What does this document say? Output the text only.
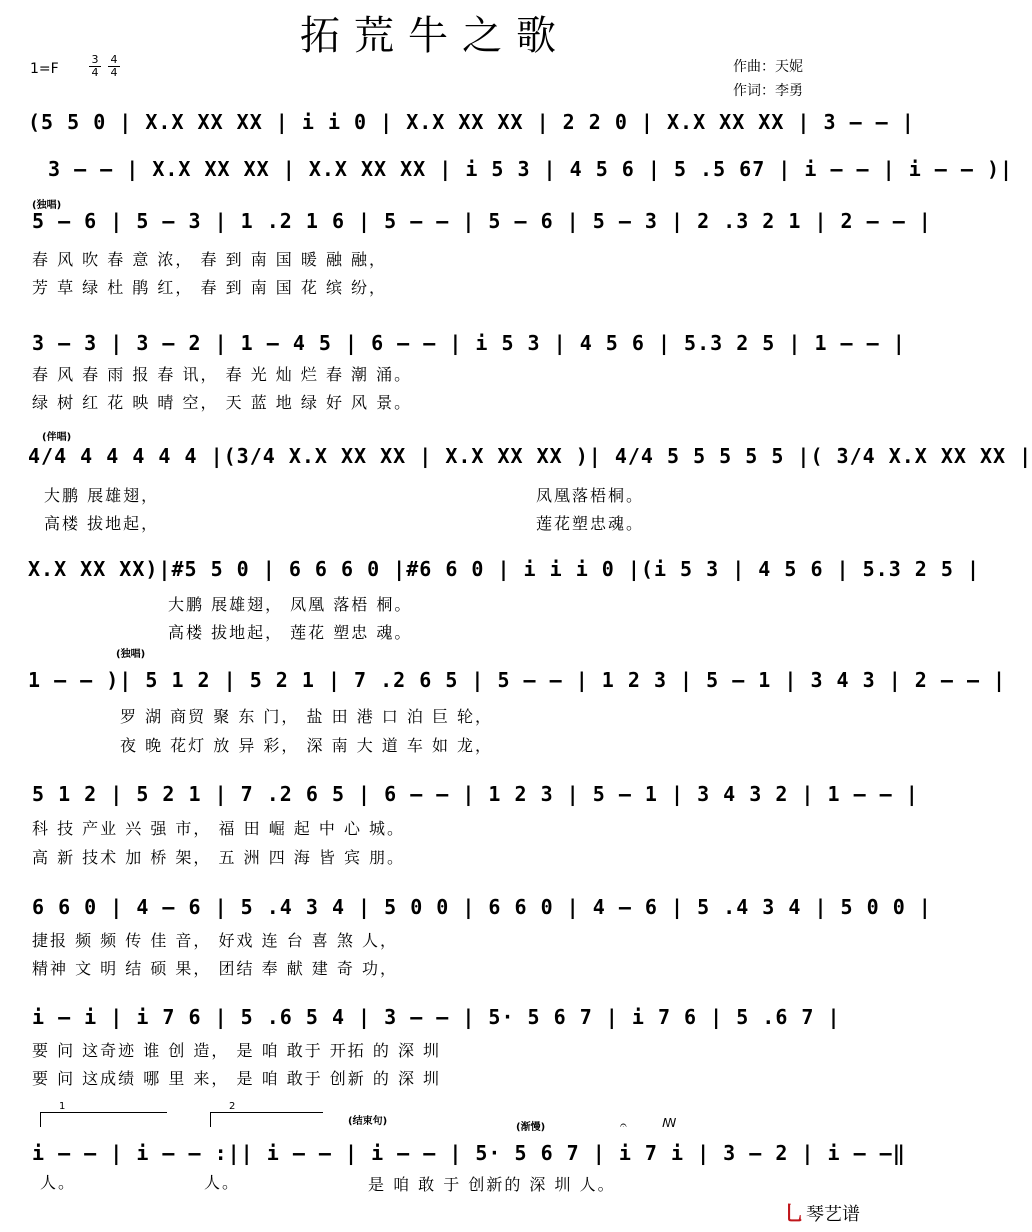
拓荒牛之歌
1=F
3
4
4
4	作曲：天妮
作词：李勇
(5 5 0 | X.X XX XX | i i 0 | X.X XX XX | 2 2 0 | X.X XX XX | 3 — — |
3 — — | X.X XX XX | X.X XX XX | i 5 3 | 4 5 6 | 5 .5 67 | i — — | i — — )|
(独唱)
5 — 6 | 5 — 3 | 1 .2 1 6 | 5 — — | 5 — 6 | 5 — 3 | 2 .3 2 1 | 2 — — |
春 风 吹 春 意 浓， 春 到 南 国 暖 融 融，
芳 草 绿 杜 鹃 红， 春 到 南 国 花 缤 纷，
3 — 3 | 3 — 2 | 1 — 4 5 | 6 — — | i 5 3 | 4 5 6 | 5.3 2 5 | 1 — — |
春 风 春 雨 报 春 讯， 春 光 灿 烂 春 潮 涌。
绿 树 红 花 映 晴 空， 天 蓝 地 绿 好 风 景。
(伴唱)
4/4 4 4 4 4 4 |(3/4 X.X XX XX | X.X XX XX )| 4/4 5 5 5 5 5 |( 3/4 X.X XX XX |
大鹏 展雄翅，	凤凰落梧桐。
高楼 拔地起，	莲花塑忠魂。
X.X XX XX)|#5 5 0 | 6 6 6 0 |#6 6 0 | i i i 0 |(i 5 3 | 4 5 6 | 5.3 2 5 |
大鹏 展雄翅， 凤凰 落梧 桐。
高楼 拔地起， 莲花 塑忠 魂。
(独唱)
1 — — )| 5 1 2 | 5 2 1 | 7 .2 6 5 | 5 — — | 1 2 3 | 5 — 1 | 3 4 3 | 2 — — |
罗 湖 商贸 聚 东 门， 盐 田 港 口 泊 巨 轮，
夜 晚 花灯 放 异 彩， 深 南 大 道 车 如 龙，
5 1 2 | 5 2 1 | 7 .2 6 5 | 6 — — | 1 2 3 | 5 — 1 | 3 4 3 2 | 1 — — |
科 技 产业 兴 强 市， 福 田 崛 起 中 心 城。
高 新 技术 加 桥 架， 五 洲 四 海 皆 宾 朋。
6 6 0 | 4 — 6 | 5 .4 3 4 | 5 0 0 | 6 6 0 | 4 — 6 | 5 .4 3 4 | 5 0 0 |
捷报 频 频 传 佳 音， 好戏 连 台 喜 煞 人，
精神 文 明 结 硕 果， 团结 奉 献 建 奇 功，
i — i | i 7 6 | 5 .6 5 4 | 3 — — | 5· 5 6 7 | i 7 6 | 5 .6 7 |
要 问 这奇迹 谁 创 造， 是 咱 敢于 开拓 的 深 圳
要 问 这成绩 哪 里 来， 是 咱 敢于 创新 的 深 圳
1	2
(结束句)
(渐慢)	𝄐	ꟿ
i — — | i — — :|| i — — | i — — | 5· 5 6 7 | i 7 i | 3 — 2 | i — —‖
人。	人。	是 咱 敢 于 创新的 深 圳 人。
乚 琴艺谱
